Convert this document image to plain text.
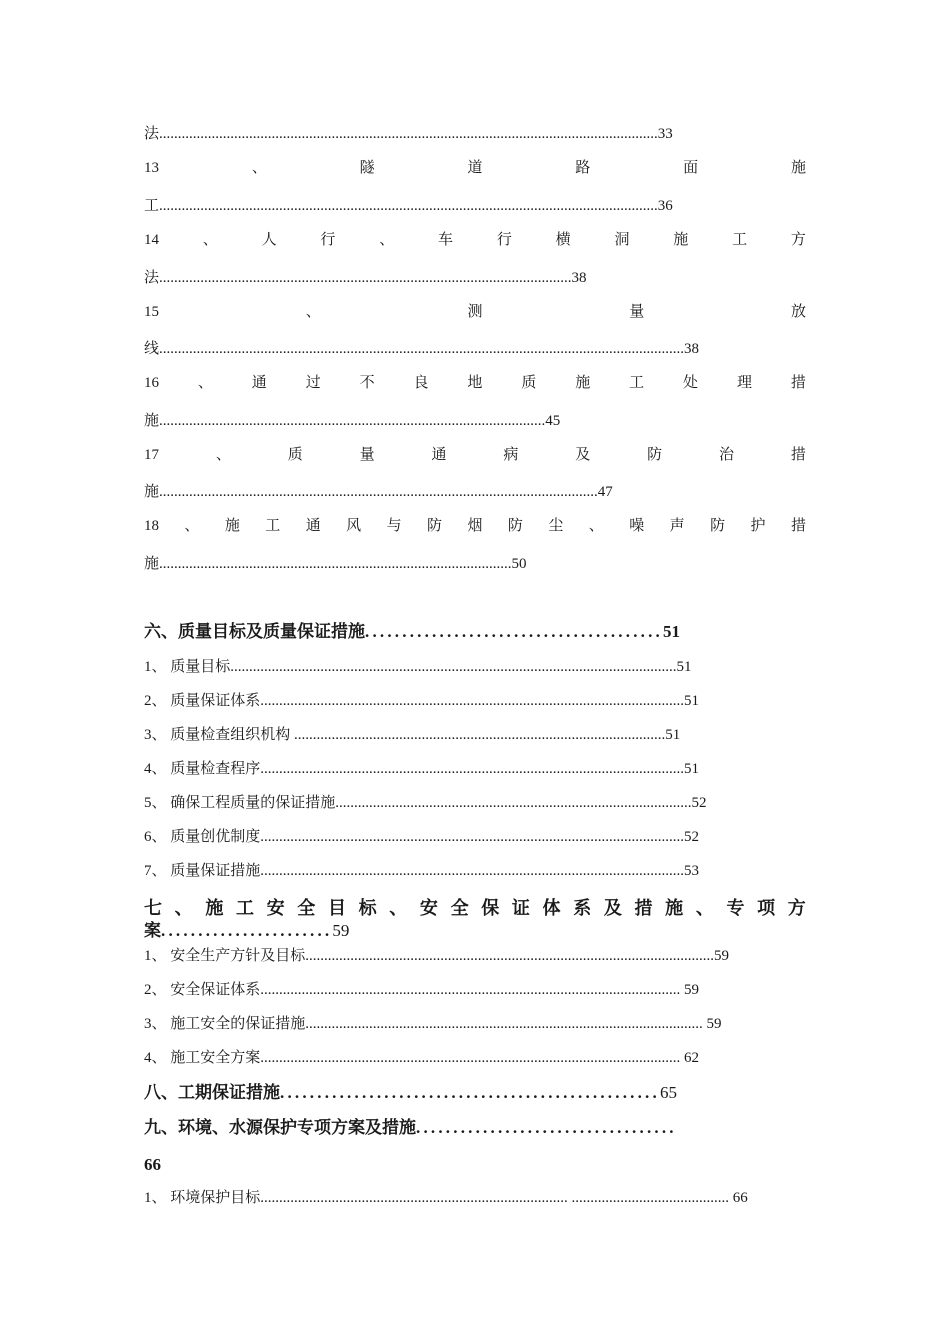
法.....................................................................................................................................33
13	、	隧	道	路	面	施
工.....................................................................................................................................36
14	、	人	行	、	车	行	横	洞	施	工	方
法..............................................................................................................38
15	、	测	量	放
线............................................................................................................................................38
16	、	通	过	不	良	地	质	施	工	处	理	措
施.......................................................................................................45
17	、	质	量	通	病	及	防	治	措
施.....................................................................................................................47
18 、 施 工 通 风 与 防 烟 防 尘 、 噪 声 防 护 措
施..............................................................................................50
六、质量目标及质量保证措施........................................51
1、 质量目标.......................................................................................................................51
2、 质量保证体系.................................................................................................................51
3、 质量检查组织机构 ...................................................................................................51
4、 质量检查程序.................................................................................................................51
5、 确保工程质量的保证措施...............................................................................................52
6、 质量创优制度.................................................................................................................52
7、 质量保证措施.................................................................................................................53
七 、 施 工 安 全 目 标 、 安 全 保 证 体 系 及 措 施 、 专 项 方
案.......................59
1、 安全生产方针及目标.............................................................................................................59
2、 安全保证体系................................................................................................................ 59
3、 施工安全的保证措施.......................................................................................................... 59
4、 施工安全方案................................................................................................................ 62
八、工期保证措施...................................................65
九、环境、水源保护专项方案及措施...................................
66
1、 环境保护目标.................................................................................. .......................................... 66
